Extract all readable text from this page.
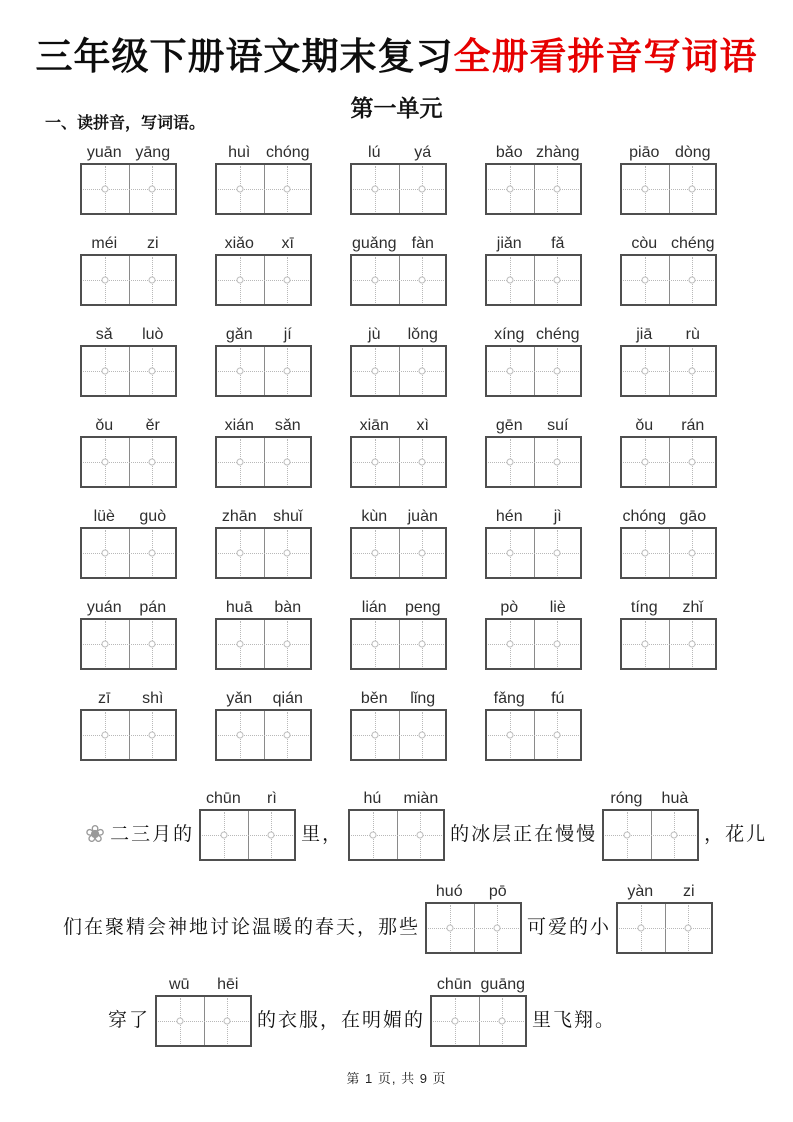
三年级下册语文期末复习全册看拼音写词语
第一单元
一、读拼音，写词语。
yuān yāng	huì chóng	lú	yá	bǎo zhàng	piāo dòng
méi	zi	xiǎo	xī	guǎng fàn	jiǎn	fǎ	còu chéng
sǎ	luò	gǎn	jí	jù	lǒng	xíng chéng	jiā	rù
ǒu	ěr	xián	sǎn	xiān	xì	gēn	suí	ǒu	rán
lüè	guò	zhān	shuǐ	kùn	juàn	hén	jì	chóng gāo
yuán	pán	huā	bàn	lián	peng	pò	liè	tíng	zhǐ
zī	shì	yǎn	qián	běn	lǐng	fǎng	fú
❀ 二三月的
chūn	rì
里，
hú	miàn
的冰层正在慢慢
róng	huà
，花儿
们在聚精会神地讨论温暖的春天，那些
huó	pō
可爱的小
yàn	zi
穿了
wū	hēi
的衣服，在明媚的
chūn guāng
里飞翔。
第 1 页, 共 9 页
